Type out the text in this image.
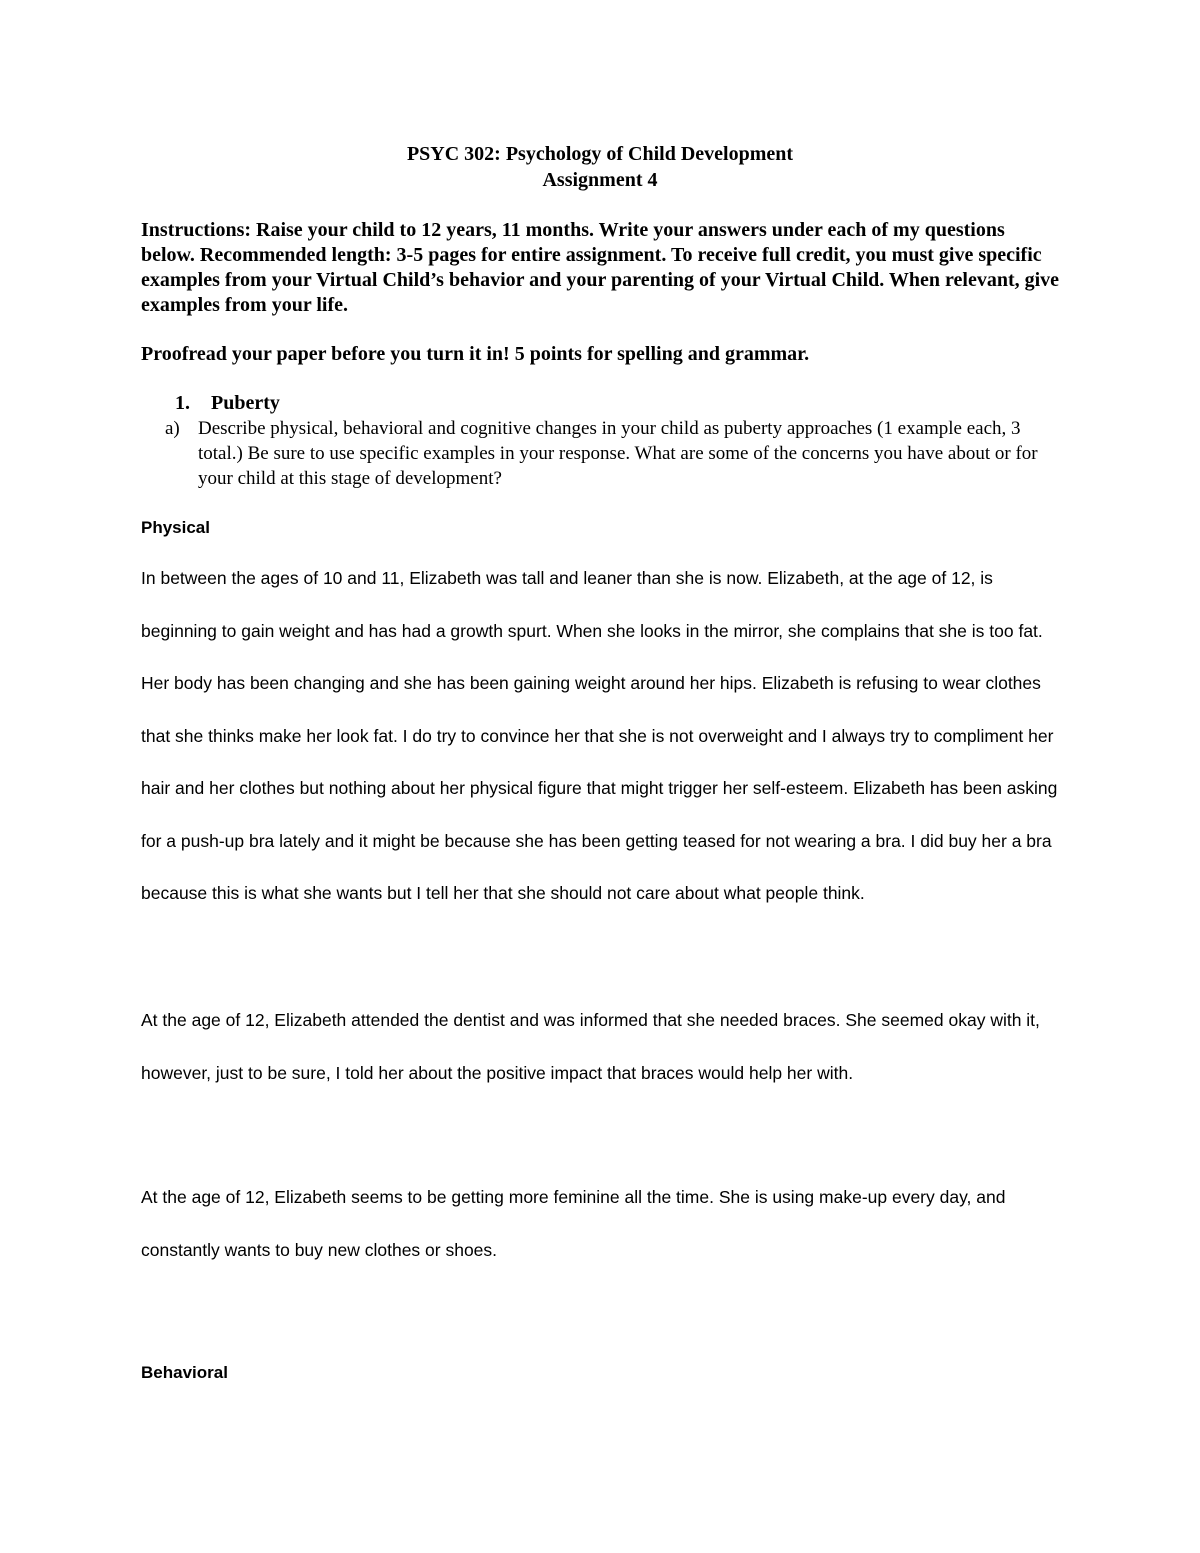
PSYC 302: Psychology of Child Development
Assignment 4
Instructions: Raise your child to 12 years, 11 months. Write your answers under each of my questions below. Recommended length: 3-5 pages for entire assignment. To receive full credit, you must give specific examples from your Virtual Child’s behavior and your parenting of your Virtual Child. When relevant, give examples from your life.
Proofread your paper before you turn it in! 5 points for spelling and grammar.
1. Puberty
a) Describe physical, behavioral and cognitive changes in your child as puberty approaches (1 example each, 3 total.) Be sure to use specific examples in your response. What are some of the concerns you have about or for your child at this stage of development?
Physical
In between the ages of 10 and 11, Elizabeth was tall and leaner than she is now. Elizabeth, at the age of 12, is beginning to gain weight and has had a growth spurt. When she looks in the mirror, she complains that she is too fat. Her body has been changing and she has been gaining weight around her hips. Elizabeth is refusing to wear clothes that she thinks make her look fat. I do try to convince her that she is not overweight and I always try to compliment her hair and her clothes but nothing about her physical figure that might trigger her self-esteem. Elizabeth has been asking for a push-up bra lately and it might be because she has been getting teased for not wearing a bra. I did buy her a bra because this is what she wants but I tell her that she should not care about what people think.
At the age of 12, Elizabeth attended the dentist and was informed that she needed braces. She seemed okay with it, however, just to be sure, I told her about the positive impact that braces would help her with.
At the age of 12, Elizabeth seems to be getting more feminine all the time. She is using make-up every day, and constantly wants to buy new clothes or shoes.
Behavioral
